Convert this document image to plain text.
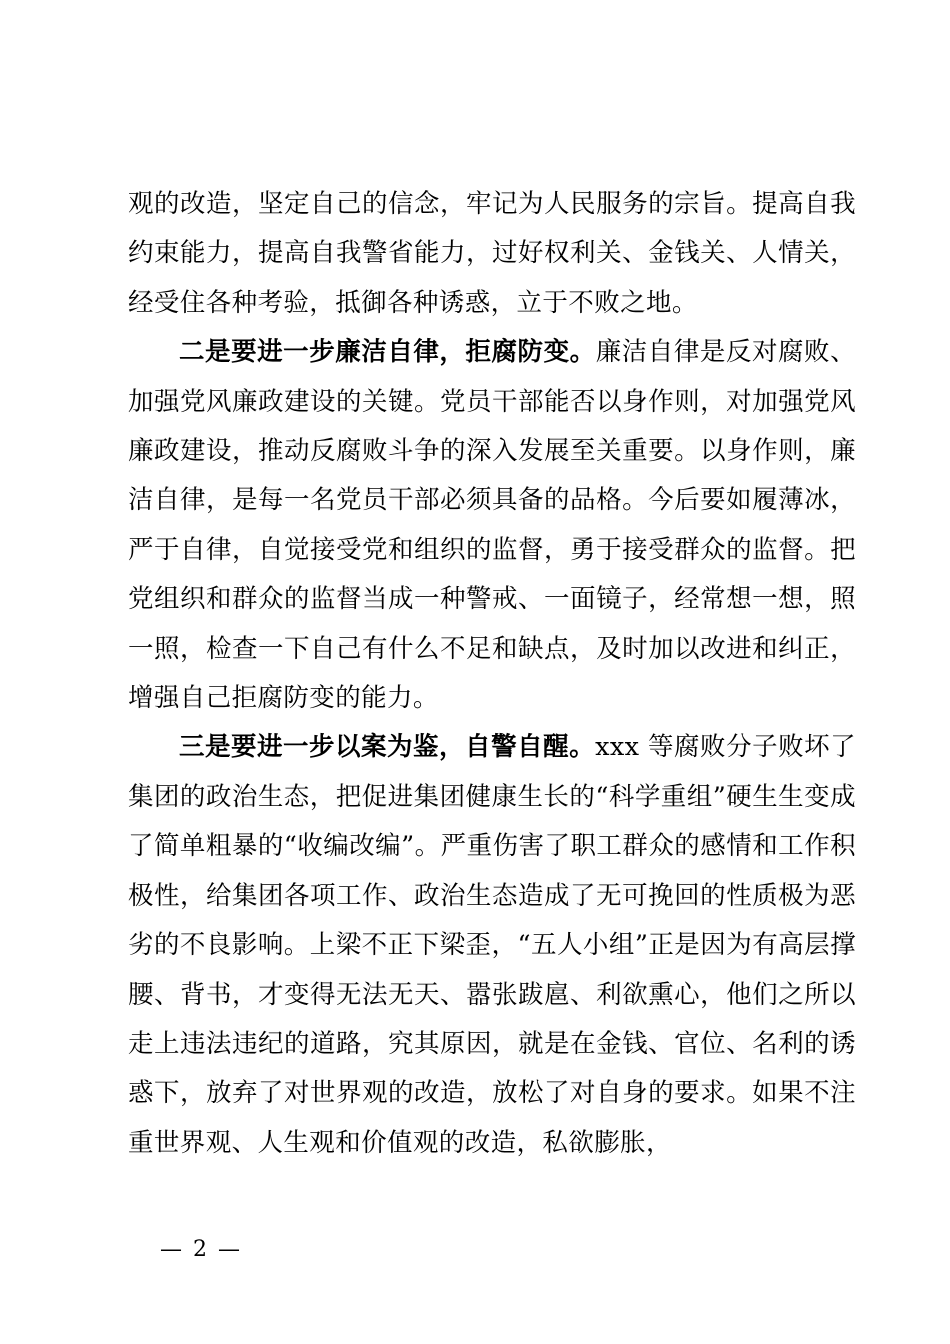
观的改造，坚定自己的信念，牢记为人民服务的宗旨。提高自我约束能力，提高自我警省能力，过好权利关、金钱关、人情关，经受住各种考验，抵御各种诱惑，立于不败之地。

二是要进一步廉洁自律，拒腐防变。廉洁自律是反对腐败、加强党风廉政建设的关键。党员干部能否以身作则，对加强党风廉政建设，推动反腐败斗争的深入发展至关重要。以身作则，廉洁自律，是每一名党员干部必须具备的品格。今后要如履薄冰，严于自律，自觉接受党和组织的监督，勇于接受群众的监督。把党组织和群众的监督当成一种警戒、一面镜子，经常想一想，照一照，检查一下自己有什么不足和缺点，及时加以改进和纠正，增强自己拒腐防变的能力。

三是要进一步以案为鉴，自警自醒。xxx 等腐败分子败坏了集团的政治生态，把促进集团健康生长的“科学重组”硬生生变成了简单粗暴的“收编改编”。严重伤害了职工群众的感情和工作积极性，给集团各项工作、政治生态造成了无可挽回的性质极为恶劣的不良影响。上梁不正下梁歪，“五人小组”正是因为有高层撑腰、背书，才变得无法无天、嚣张跋扈、利欲熏心，他们之所以走上违法违纪的道路，究其原因，就是在金钱、官位、名利的诱惑下，放弃了对世界观的改造，放松了对自身的要求。如果不注重世界观、人生观和价值观的改造，私欲膨胀，

— 2 —
